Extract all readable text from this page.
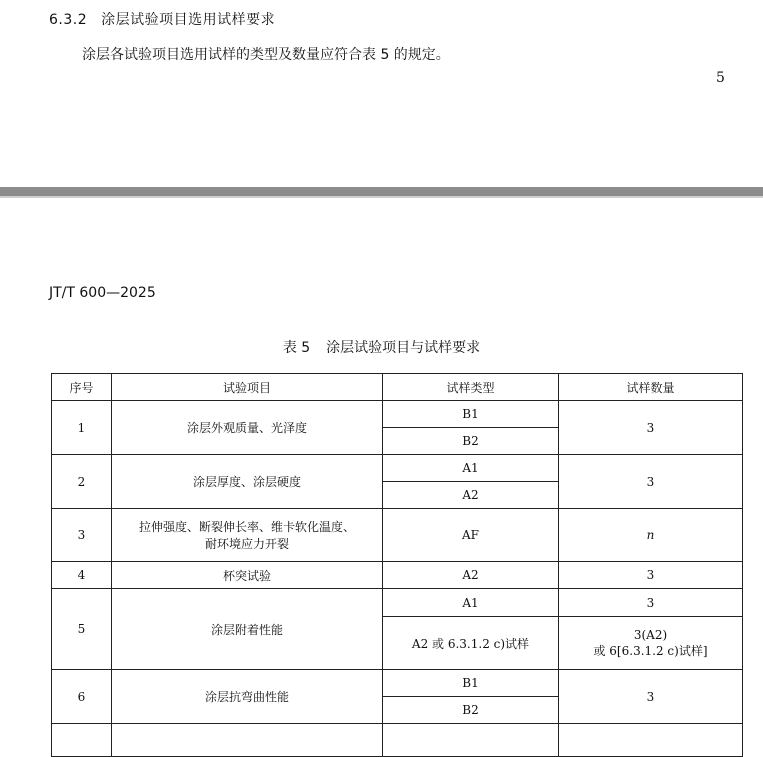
6.3.2 涂层试验项目选用试样要求
涂层各试验项目选用试样的类型及数量应符合表 5 的规定。
5
JT/T 600—2025
表 5 涂层试验项目与试样要求
序号	试验项目	试样类型	试样数量
1	涂层外观质量、光泽度	B1	3
		B2	
2	涂层厚度、涂层硬度	A1	3
		A2	
3	拉伸强度、断裂伸长率、维卡软化温度、
耐环境应力开裂	AF	n
4	杯突试验	A2	3
5	涂层附着性能	A1	3
		A2 或 6.3.1.2 c)试样	3(A2)
或 6[6.3.1.2 c)试样]

6	涂层抗弯曲性能	B1	3
		B2	
